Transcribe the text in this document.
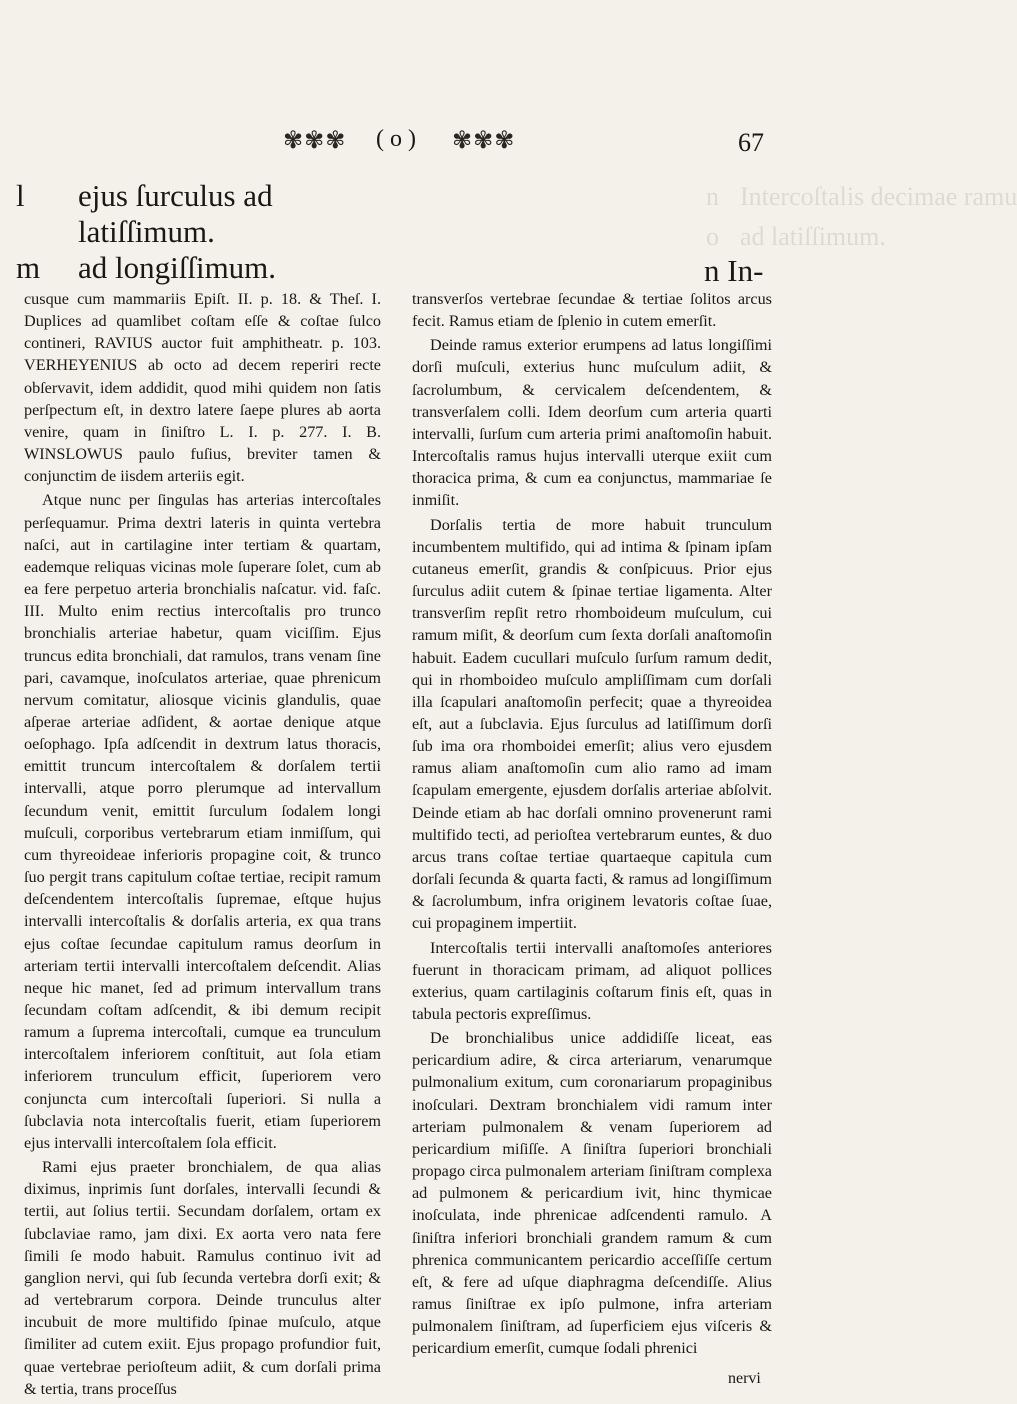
n Intercoſtalis decimae ramu
o ad latiſſimum.
✾✾✾ ( o ) ✾✾✾	67
l	ejus ſurculus ad latiſſimum.
m	ad longiſſimum.	n In-

cusque cum mammariis Epiſt. II. p. 18. & Theſ. I. Duplices ad quamlibet coſtam eſſe & coſtae ſulco contineri, RAVIUS auctor fuit amphitheatr. p. 103. VERHEYENIUS ab octo ad decem reperiri recte obſervavit, idem addidit, quod mihi quidem non ſatis perſpectum eſt, in dextro latere ſaepe plures ab aorta venire, quam in ſiniſtro L. I. p. 277. I. B. WINSLOWUS paulo fuſius, breviter tamen & conjunctim de iisdem arteriis egit.

Atque nunc per ſingulas has arterias intercoſtales perſequamur. Prima dextri lateris in quinta vertebra naſci, aut in cartilagine inter tertiam & quartam, eademque reliquas vicinas mole ſuperare ſolet, cum ab ea fere perpetuo arteria bronchialis naſcatur. vid. faſc. III. Multo enim rectius intercoſtalis pro trunco bronchialis arteriae habetur, quam viciſſim. Ejus truncus edita bronchiali, dat ramulos, trans venam ſine pari, cavamque, inoſculatos arteriae, quae phrenicum nervum comitatur, aliosque vicinis glandulis, quae aſperae arteriae adſident, & aortae denique atque oeſophago. Ipſa adſcendit in dextrum latus thoracis, emittit truncum intercoſtalem & dorſalem tertii intervalli, atque porro plerumque ad intervallum ſecundum venit, emittit ſurculum ſodalem longi muſculi, corporibus vertebrarum etiam inmiſſum, qui cum thyreoideae inferioris propagine coit, & trunco ſuo pergit trans capitulum coſtae tertiae, recipit ramum deſcendentem intercoſtalis ſupremae, eſtque hujus intervalli intercoſtalis & dorſalis arteria, ex qua trans ejus coſtae ſecundae capitulum ramus deorſum in arteriam tertii intervalli intercoſtalem deſcendit. Alias neque hic manet, ſed ad primum intervallum trans ſecundam coſtam adſcendit, & ibi demum recipit ramum a ſuprema intercoſtali, cumque ea trunculum intercoſtalem inferiorem conſtituit, aut ſola etiam inferiorem trunculum efficit, ſuperiorem vero conjuncta cum intercoſtali ſuperiori. Si nulla a ſubclavia nota intercoſtalis fuerit, etiam ſuperiorem ejus intervalli intercoſtalem ſola efficit.

Rami ejus praeter bronchialem, de qua alias diximus, inprimis ſunt dorſales, intervalli ſecundi & tertii, aut ſolius tertii. Secundam dorſalem, ortam ex ſubclaviae ramo, jam dixi. Ex aorta vero nata fere ſimili ſe modo habuit. Ramulus continuo ivit ad ganglion nervi, qui ſub ſecunda vertebra dorſi exit; & ad vertebrarum corpora. Deinde trunculus alter incubuit de more multifido ſpinae muſculo, atque ſimiliter ad cutem exiit. Ejus propago profundior fuit, quae vertebrae perioſteum adiit, & cum dorſali prima & tertia, trans proceſſus

transverſos vertebrae ſecundae & tertiae ſolitos arcus fecit. Ramus etiam de ſplenio in cutem emerſit.

Deinde ramus exterior erumpens ad latus longiſſimi dorſi muſculi, exterius hunc muſculum adiit, & ſacrolumbum, & cervicalem deſcendentem, & transverſalem colli. Idem deorſum cum arteria quarti intervalli, ſurſum cum arteria primi anaſtomoſin habuit. Intercoſtalis ramus hujus intervalli uterque exiit cum thoracica prima, & cum ea conjunctus, mammariae ſe inmiſit.

Dorſalis tertia de more habuit trunculum incumbentem multifido, qui ad intima & ſpinam ipſam cutaneus emerſit, grandis & conſpicuus. Prior ejus ſurculus adiit cutem & ſpinae tertiae ligamenta. Alter transverſim repſit retro rhomboideum muſculum, cui ramum miſit, & deorſum cum ſexta dorſali anaſtomoſin habuit. Eadem cucullari muſculo ſurſum ramum dedit, qui in rhomboideo muſculo ampliſſimam cum dorſali illa ſcapulari anaſtomoſin perfecit; quae a thyreoidea eſt, aut a ſubclavia. Ejus ſurculus ad latiſſimum dorſi ſub ima ora rhomboidei emerſit; alius vero ejusdem ramus aliam anaſtomoſin cum alio ramo ad imam ſcapulam emergente, ejusdem dorſalis arteriae abſolvit. Deinde etiam ab hac dorſali omnino provenerunt rami multifido tecti, ad perioſtea vertebrarum euntes, & duo arcus trans coſtae tertiae quartaeque capitula cum dorſali ſecunda & quarta facti, & ramus ad longiſſimum & ſacrolumbum, infra originem levatoris coſtae ſuae, cui propaginem impertiit.

Intercoſtalis tertii intervalli anaſtomoſes anteriores fuerunt in thoracicam primam, ad aliquot pollices exterius, quam cartilaginis coſtarum finis eſt, quas in tabula pectoris expreſſimus.

De bronchialibus unice addidiſſe liceat, eas pericardium adire, & circa arteriarum, venarumque pulmonalium exitum, cum coronariarum propaginibus inoſculari. Dextram bronchialem vidi ramum inter arteriam pulmonalem & venam ſuperiorem ad pericardium miſiſſe. A ſiniſtra ſuperiori bronchiali propago circa pulmonalem arteriam ſiniſtram complexa ad pulmonem & pericardium ivit, hinc thymicae inoſculata, inde phrenicae adſcendenti ramulo. A ſiniſtra inferiori bronchiali grandem ramum & cum phrenica communicantem pericardio acceſſiſſe certum eſt, & fere ad uſque diaphragma deſcendiſſe. Alius ramus ſiniſtrae ex ipſo pulmone, infra arteriam pulmonalem ſiniſtram, ad ſuperficiem ejus viſceris & pericardium emerſit, cumque ſodali phrenici

nervi
